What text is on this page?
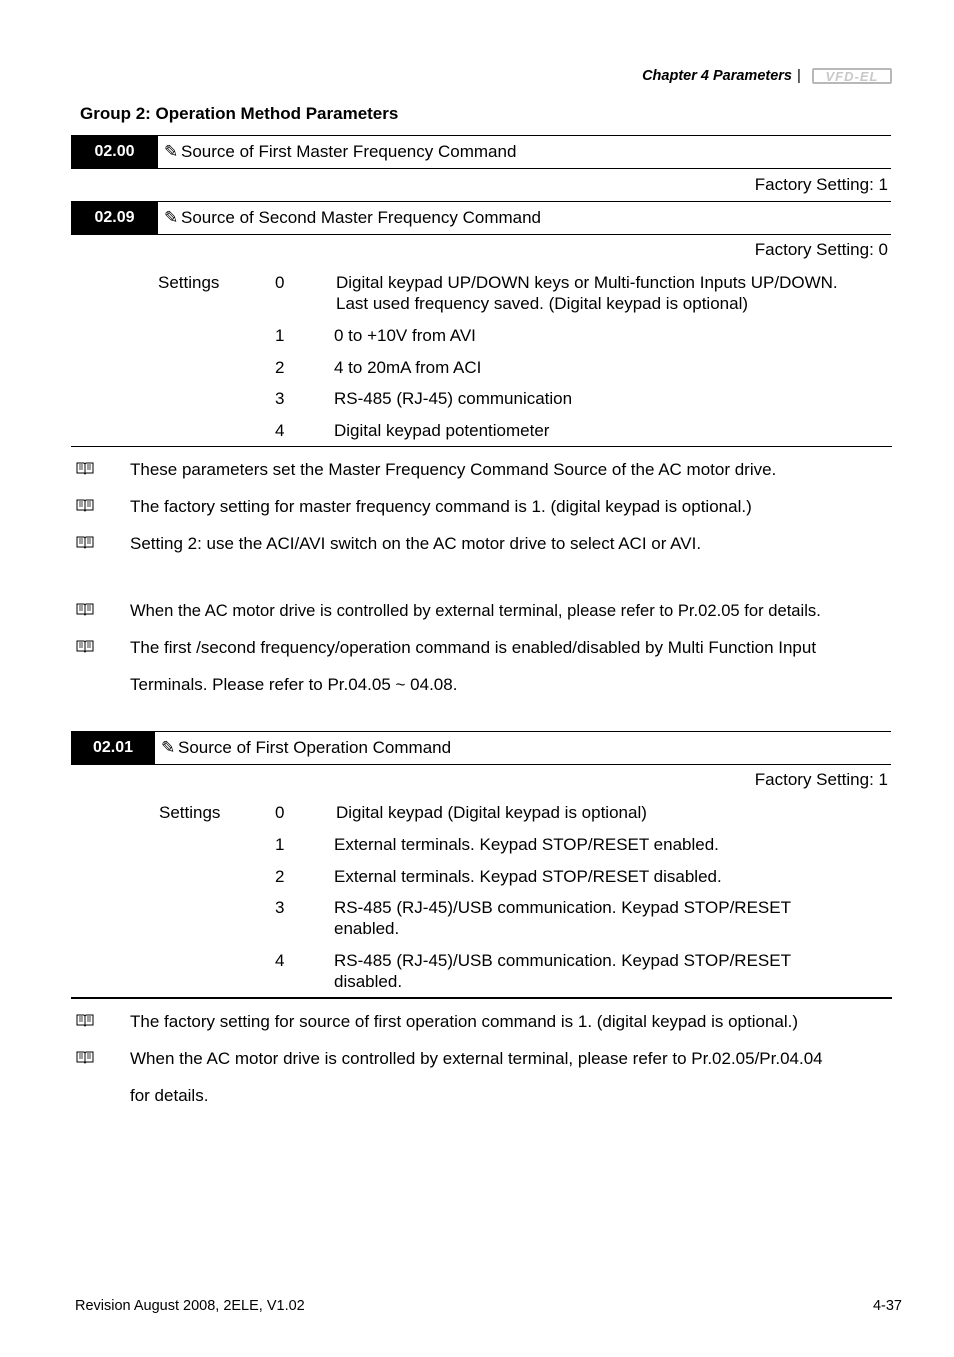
Chapter 4 Parameters |	VFD-EL
Group 2: Operation Method Parameters
02.00	✎ Source of First Master Frequency Command
Factory Setting: 1
02.09	✎ Source of Second Master Frequency Command
Factory Setting: 0
Settings	0	Digital keypad UP/DOWN keys or Multi-function Inputs UP/DOWN.
Last used frequency saved. (Digital keypad is optional)
1	0 to +10V from AVI
2	4 to 20mA from ACI
3	RS-485 (RJ-45) communication
4	Digital keypad potentiometer
These parameters set the Master Frequency Command Source of the AC motor drive.
The factory setting for master frequency command is 1. (digital keypad is optional.)
Setting 2: use the ACI/AVI switch on the AC motor drive to select ACI or AVI.
When the AC motor drive is controlled by external terminal, please refer to Pr.02.05 for details.
The first /second frequency/operation command is enabled/disabled by Multi Function Input
Terminals. Please refer to Pr.04.05 ~ 04.08.
02.01	✎ Source of First Operation Command
Factory Setting: 1
Settings	0	Digital keypad (Digital keypad is optional)
1	External terminals. Keypad STOP/RESET enabled.
2	External terminals. Keypad STOP/RESET disabled.
3	RS-485 (RJ-45)/USB communication. Keypad STOP/RESET
enabled.
4	RS-485 (RJ-45)/USB communication. Keypad STOP/RESET
disabled.
The factory setting for source of first operation command is 1. (digital keypad is optional.)
When the AC motor drive is controlled by external terminal, please refer to Pr.02.05/Pr.04.04
for details.
Revision August 2008, 2ELE, V1.02	4-37
